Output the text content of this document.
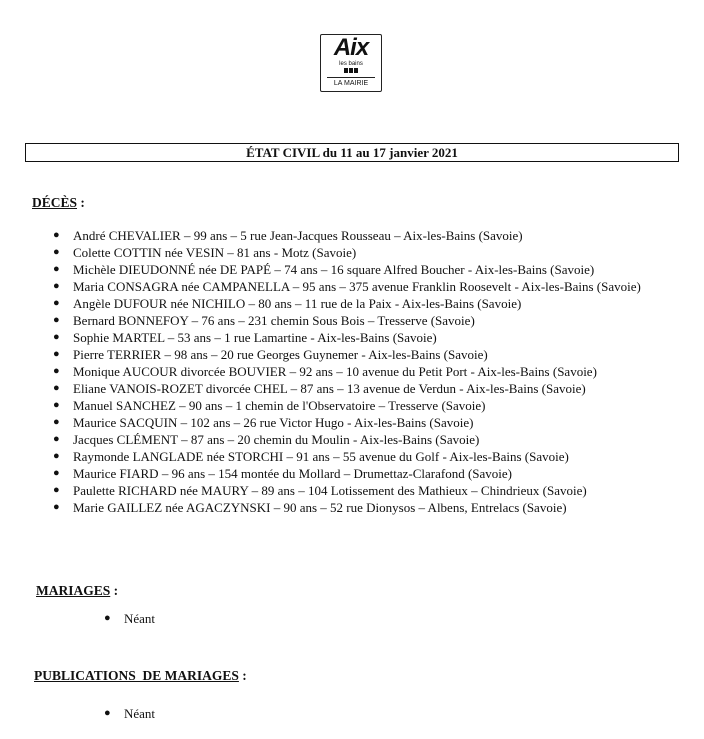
Aix
les bains
LA MAIRIE
ÉTAT CIVIL du 11 au 17 janvier 2021
DÉCÈS :
● André CHEVALIER – 99 ans – 5 rue Jean-Jacques Rousseau – Aix-les-Bains (Savoie)
● Colette COTTIN née VESIN – 81 ans - Motz (Savoie)
● Michèle DIEUDONNÉ née DE PAPÉ – 74 ans – 16 square Alfred Boucher - Aix-les-Bains (Savoie)
● Maria CONSAGRA née CAMPANELLA – 95 ans – 375 avenue Franklin Roosevelt - Aix-les-Bains (Savoie)
● Angèle DUFOUR née NICHILO – 80 ans – 11 rue de la Paix - Aix-les-Bains (Savoie)
● Bernard BONNEFOY – 76 ans – 231 chemin Sous Bois – Tresserve (Savoie)
● Sophie MARTEL – 53 ans – 1 rue Lamartine - Aix-les-Bains (Savoie)
● Pierre TERRIER – 98 ans – 20 rue Georges Guynemer - Aix-les-Bains (Savoie)
● Monique AUCOUR divorcée BOUVIER – 92 ans – 10 avenue du Petit Port - Aix-les-Bains (Savoie)
● Eliane VANOIS-ROZET divorcée CHEL – 87 ans – 13 avenue de Verdun - Aix-les-Bains (Savoie)
● Manuel SANCHEZ – 90 ans – 1 chemin de l'Observatoire – Tresserve (Savoie)
● Maurice SACQUIN – 102 ans – 26 rue Victor Hugo - Aix-les-Bains (Savoie)
● Jacques CLÉMENT – 87 ans – 20 chemin du Moulin - Aix-les-Bains (Savoie)
● Raymonde LANGLADE née STORCHI – 91 ans – 55 avenue du Golf - Aix-les-Bains (Savoie)
● Maurice FIARD – 96 ans – 154 montée du Mollard – Drumettaz-Clarafond (Savoie)
● Paulette RICHARD née MAURY – 89 ans – 104 Lotissement des Mathieux – Chindrieux (Savoie)
● Marie GAILLEZ née AGACZYNSKI – 90 ans – 52 rue Dionysos – Albens, Entrelacs (Savoie)
MARIAGES :
● Néant
PUBLICATIONS  DE MARIAGES :
● Néant
